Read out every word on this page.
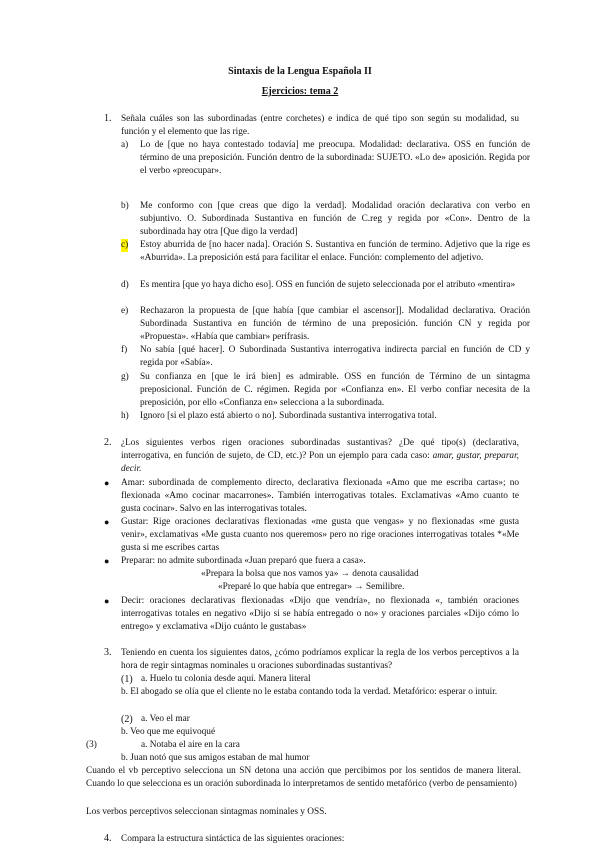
Sintaxis de la Lengua Española II
Ejercicios: tema 2
1. Señala cuáles son las subordinadas (entre corchetes) e indica de qué tipo son según su modalidad, su función y el elemento que las rige.
a) Lo de [que no haya contestado todavía] me preocupa. Modalidad: declarativa. OSS en función de término de una preposición. Función dentro de la subordinada: SUJETO. «Lo de» aposición. Regida por el verbo «preocupar».
b) Me conformo con [que creas que digo la verdad]. Modalidad oración declarativa con verbo en subjuntivo. O. Subordinada Sustantiva en función de C.reg y regida por «Con». Dentro de la subordinada hay otra [Que digo la verdad]
c) Estoy aburrida de [no hacer nada]. Oración S. Sustantiva en función de termino. Adjetivo que la rige es «Aburrida». La preposición está para facilitar el enlace. Función: complemento del adjetivo.
d) Es mentira [que yo haya dicho eso]. OSS en función de sujeto seleccionada por el atributo «mentira»
e) Rechazaron la propuesta de [que había [que cambiar el ascensor]]. Modalidad declarativa. Oración Subordinada Sustantiva en función de término de una preposición. función CN y regida por «Propuesta». «Había que cambiar» perífrasis.
f) No sabía [qué hacer]. O Subordinada Sustantiva interrogativa indirecta parcial en función de CD y regida por «Sabía».
g) Su confianza en [que le irá bien] es admirable. OSS en función de Término de un sintagma preposicional. Función de C. régimen. Regida por «Confianza en». El verbo confiar necesita de la preposición, por ello «Confianza en» selecciona a la subordinada.
h) Ignoro [si el plazo está abierto o no]. Subordinada sustantiva interrogativa total.
2. ¿Los siguientes verbos rigen oraciones subordinadas sustantivas? ¿De qué tipo(s) (declarativa, interrogativa, en función de sujeto, de CD, etc.)? Pon un ejemplo para cada caso: amar, gustar, preparar, decir.
● Amar: subordinada de complemento directo, declarativa flexionada «Amo que me escriba cartas»; no flexionada «Amo cocinar macarrones». También interrogativas totales. Exclamativas «Amo cuanto te gusta cocinar». Salvo en las interrogativas totales.
● Gustar: Rige oraciones declarativas flexionadas «me gusta que vengas» y no flexionadas «me gusta venir», exclamativas «Me gusta cuanto nos queremos» pero no rige oraciones interrogativas totales *«Me gusta si me escribes cartas
● Preparar: no admite subordinada «Juan preparó que fuera a casa».
«Prepara la bolsa que nos vamos ya» → denota causalidad
«Preparé lo que había que entregar» → Semilibre.
● Decir: oraciones declarativas flexionadas «Dijo que vendría», no flexionada «, también oraciones interrogativas totales en negativo «Dijo si se había entregado o no» y oraciones parciales «Dijo cómo lo entrego» y exclamativa «Dijo cuánto le gustabas»
3. Teniendo en cuenta los siguientes datos, ¿cómo podríamos explicar la regla de los verbos perceptivos a la hora de regir sintagmas nominales u oraciones subordinadas sustantivas?
(1) a. Huelo tu colonia desde aquí. Manera literal
b. El abogado se olía que el cliente no le estaba contando toda la verdad. Metafórico: esperar o intuir.
(2) a. Veo el mar
b. Veo que me equivoqué
(3)	a. Notaba el aire en la cara
b. Juan notó que sus amigos estaban de mal humor
Cuando el vb perceptivo selecciona un SN detona una acción que percibimos por los sentidos de manera literal. Cuando lo que selecciona es un oración subordinada lo interpretamos de sentido metafórico (verbo de pensamiento)
Los verbos perceptivos seleccionan sintagmas nominales y OSS.
4. Compara la estructura sintáctica de las siguientes oraciones:
